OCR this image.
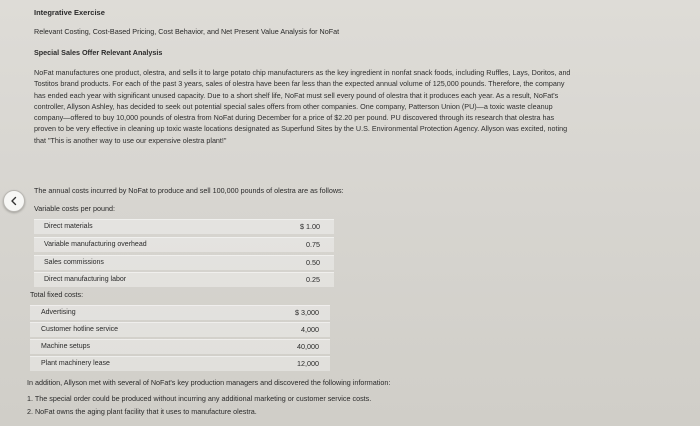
Integrative Exercise
Relevant Costing, Cost-Based Pricing, Cost Behavior, and Net Present Value Analysis for NoFat
Special Sales Offer Relevant Analysis
NoFat manufactures one product, olestra, and sells it to large potato chip manufacturers as the key ingredient in nonfat snack foods, including Ruffles, Lays, Doritos, and
Tostitos brand products. For each of the past 3 years, sales of olestra have been far less than the expected annual volume of 125,000 pounds. Therefore, the company
has ended each year with significant unused capacity. Due to a short shelf life, NoFat must sell every pound of olestra that it produces each year. As a result, NoFat's
controller, Allyson Ashley, has decided to seek out potential special sales offers from other companies. One company, Patterson Union (PU)—a toxic waste cleanup
company—offered to buy 10,000 pounds of olestra from NoFat during December for a price of $2.20 per pound. PU discovered through its research that olestra has
proven to be very effective in cleaning up toxic waste locations designated as Superfund Sites by the U.S. Environmental Protection Agency. Allyson was excited, noting
that "This is another way to use our expensive olestra plant!"
The annual costs incurred by NoFat to produce and sell 100,000 pounds of olestra are as follows:
Variable costs per pound:
Direct materials	$ 1.00
Variable manufacturing overhead	0.75
Sales commissions	0.50
Direct manufacturing labor	0.25
Total fixed costs:
Advertising	$ 3,000
Customer hotline service	4,000
Machine setups	40,000
Plant machinery lease	12,000
In addition, Allyson met with several of NoFat's key production managers and discovered the following information:
1. The special order could be produced without incurring any additional marketing or customer service costs.
2. NoFat owns the aging plant facility that it uses to manufacture olestra.
